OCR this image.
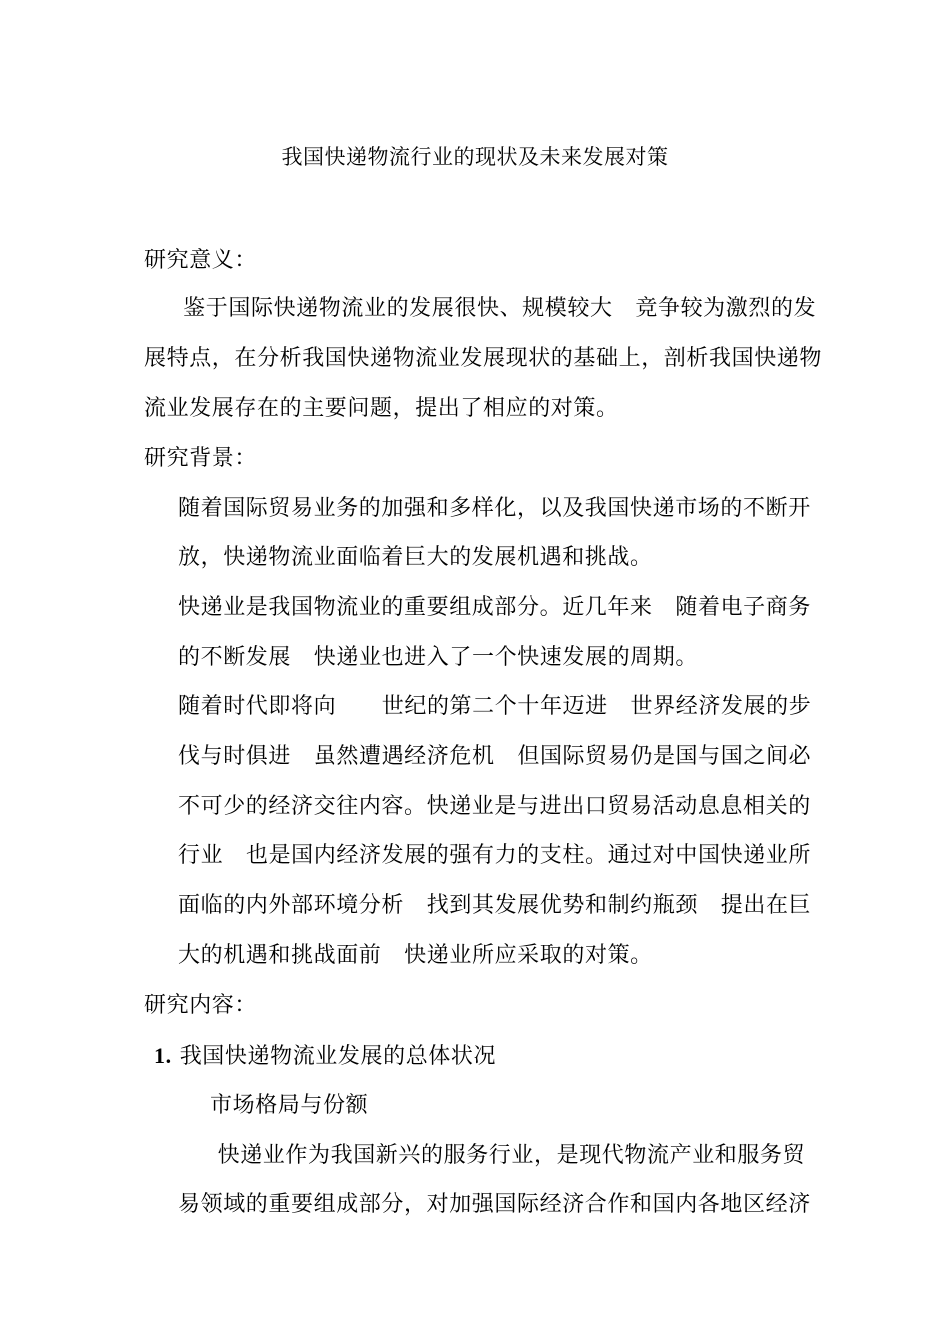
我国快递物流行业的现状及未来发展对策
研究意义：
鉴于国际快递物流业的发展很快、规模较大   竞争较为激烈的发
展特点，在分析我国快递物流业发展现状的基础上，剖析我国快递物
流业发展存在的主要问题，提出了相应的对策。
研究背景：
随着国际贸易业务的加强和多样化，以及我国快递市场的不断开
放，快递物流业面临着巨大的发展机遇和挑战。
快递业是我国物流业的重要组成部分。近几年来   随着电子商务
的不断发展   快递业也进入了一个快速发展的周期。
随着时代即将向      世纪的第二个十年迈进   世界经济发展的步
伐与时俱进   虽然遭遇经济危机   但国际贸易仍是国与国之间必
不可少的经济交往内容。快递业是与进出口贸易活动息息相关的
行业   也是国内经济发展的强有力的支柱。通过对中国快递业所
面临的内外部环境分析   找到其发展优势和制约瓶颈   提出在巨
大的机遇和挑战面前   快递业所应采取的对策。
研究内容：
1. 我国快递物流业发展的总体状况
市场格局与份额
快递业作为我国新兴的服务行业，是现代物流产业和服务贸
易领域的重要组成部分，对加强国际经济合作和国内各地区经济
